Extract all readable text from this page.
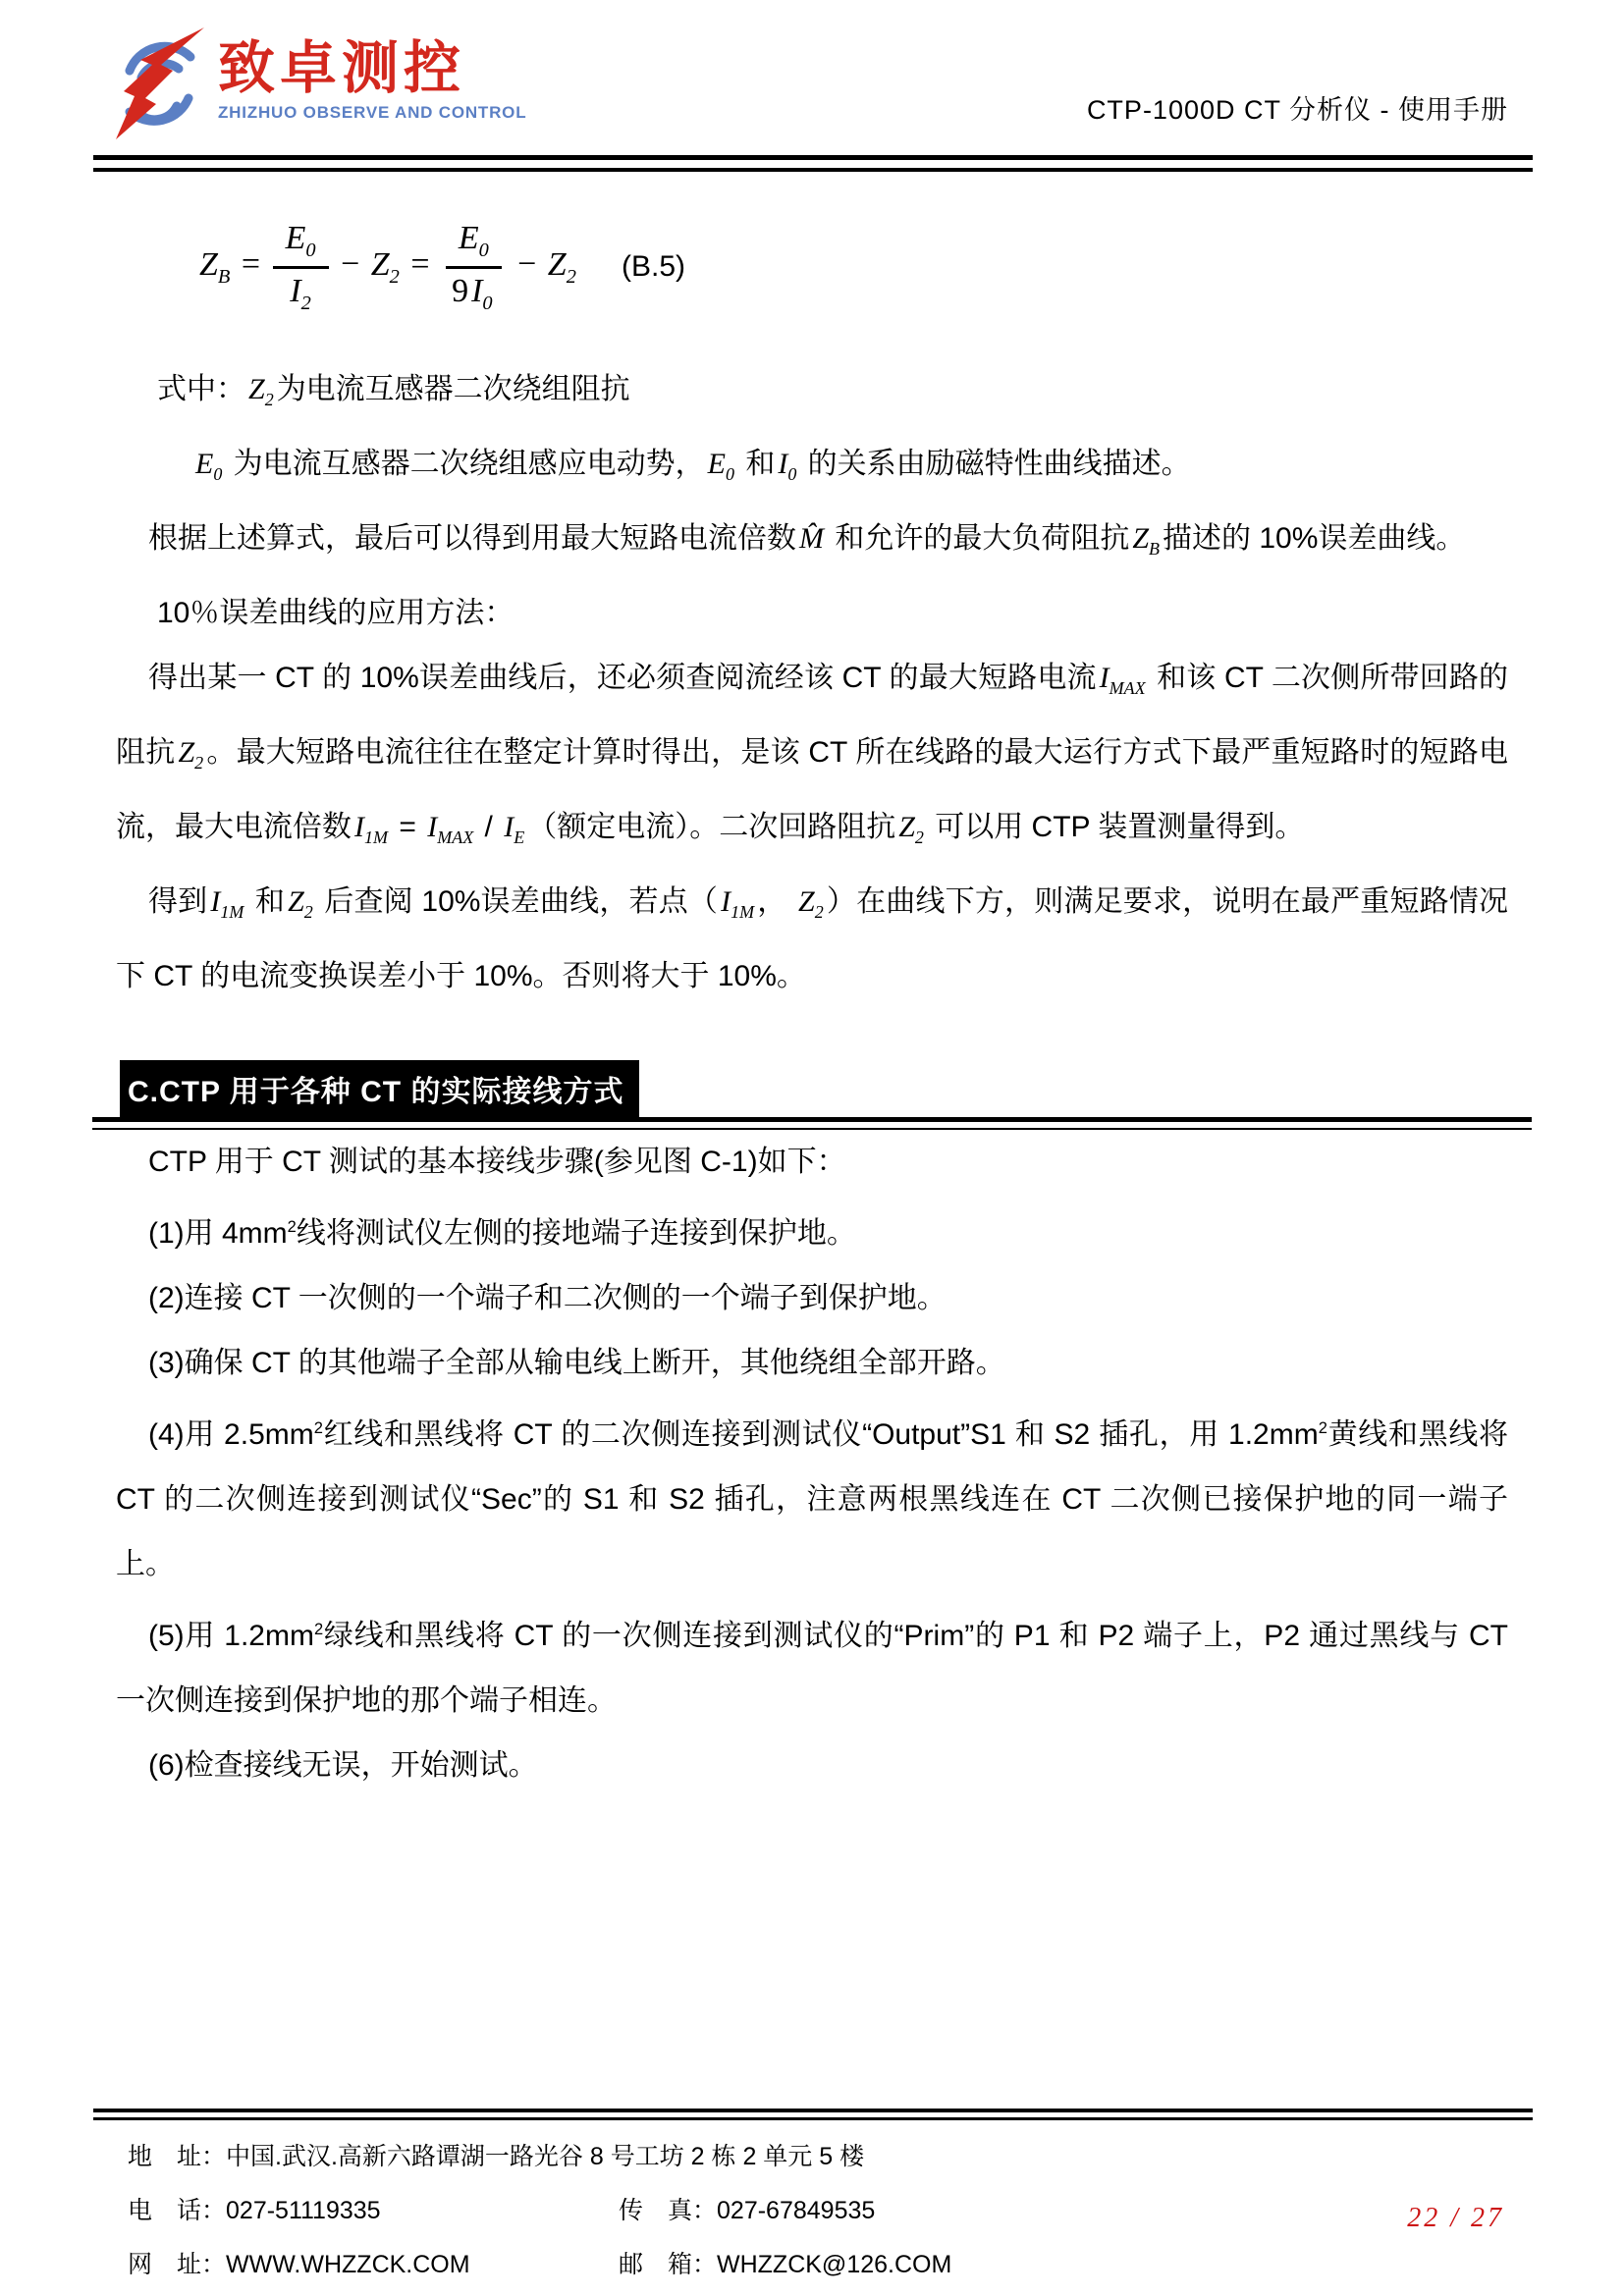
致卓测控
ZHIZHUO OBSERVE AND CONTROL	CTP-1000D CT 分析仪 - 使用手册
$Z_B = \frac{E_0}{I_2} - Z_2 = \frac{E_0}{9I_0} - Z_2$ (B.5)

式中： $Z_2$ 为电流互感器二次绕组阻抗

$E_0$ 为电流互感器二次绕组感应电动势， $E_0$ 和 $I_0$ 的关系由励磁特性曲线描述。

根据上述算式，最后可以得到用最大短路电流倍数 M̂ 和允许的最大负荷阻抗 $Z_B$ 描述的 10%误差曲线。

10％误差曲线的应用方法：

得出某一 CT 的 10%误差曲线后，还必须查阅流经该 CT 的最大短路电流 $I_{MAX}$ 和该 CT 二次侧所带回路的阻抗 $Z_2$ 。最大短路电流往往在整定计算时得出，是该 CT 所在线路的最大运行方式下最严重短路时的短路电流，最大电流倍数 $I_{1M} = I_{MAX} / I_E$ （额定电流）。二次回路阻抗 $Z_2$ 可以用 CTP 装置测量得到。

得到 $I_{1M}$ 和 $Z_2$ 后查阅 10%误差曲线，若点（ $I_{1M}$ ， $Z_2$ ）在曲线下方，则满足要求，说明在最严重短路情况下 CT 的电流变换误差小于 10%。否则将大于 10%。

C.CTP 用于各种 CT 的实际接线方式

CTP 用于 CT 测试的基本接线步骤(参见图 C-1)如下：

(1)用 $4mm^2$线将测试仪左侧的接地端子连接到保护地。

(2)连接 CT 一次侧的一个端子和二次侧的一个端子到保护地。

(3)确保 CT 的其他端子全部从输电线上断开，其他绕组全部开路。

(4)用 $2.5mm^2$红线和黑线将 CT 的二次侧连接到测试仪“Output”S1 和 S2 插孔，用 $1.2mm^2$黄线和黑线将 CT 的二次侧连接到测试仪“Sec”的 S1 和 S2 插孔，注意两根黑线连在 CT 二次侧已接保护地的同一端子上。

(5)用 $1.2mm^2$绿线和黑线将 CT 的一次侧连接到测试仪的“Prim”的 P1 和 P2 端子上，P2 通过黑线与 CT 一次侧连接到保护地的那个端子相连。

(6)检查接线无误，开始测试。

地　址： 中国.武汉.高新六路谭湖一路光谷 8 号工坊 2 栋 2 单元 5 楼
电　话： 027-51119335	传　真： 027-67849535
网　址： WWW.WHZZCK.COM	邮　箱： WHZZCK@126.COM
22 / 27
